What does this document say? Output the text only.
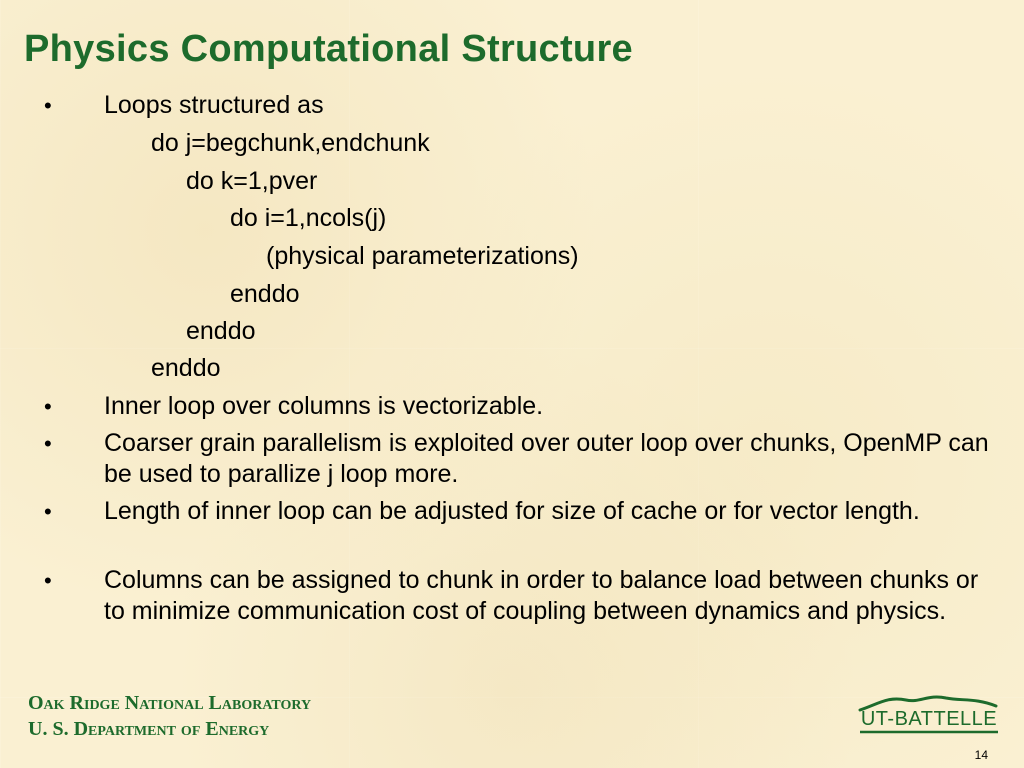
Physics Computational Structure
• Loops structured as
do j=begchunk,endchunk
do k=1,pver
do i=1,ncols(j)
(physical parameterizations)
enddo
enddo
enddo
• Inner loop over columns is vectorizable.
• Coarser grain parallelism is exploited over outer loop over chunks, OpenMP can be used to parallize j loop more.
• Length of inner loop can be adjusted for size of cache or for vector length.
• Columns can be assigned to chunk in order to balance load between chunks or to minimize communication cost of coupling between dynamics and physics.
Oak Ridge National Laboratory
U. S. Department of Energy	UT-BATTELLE
14
